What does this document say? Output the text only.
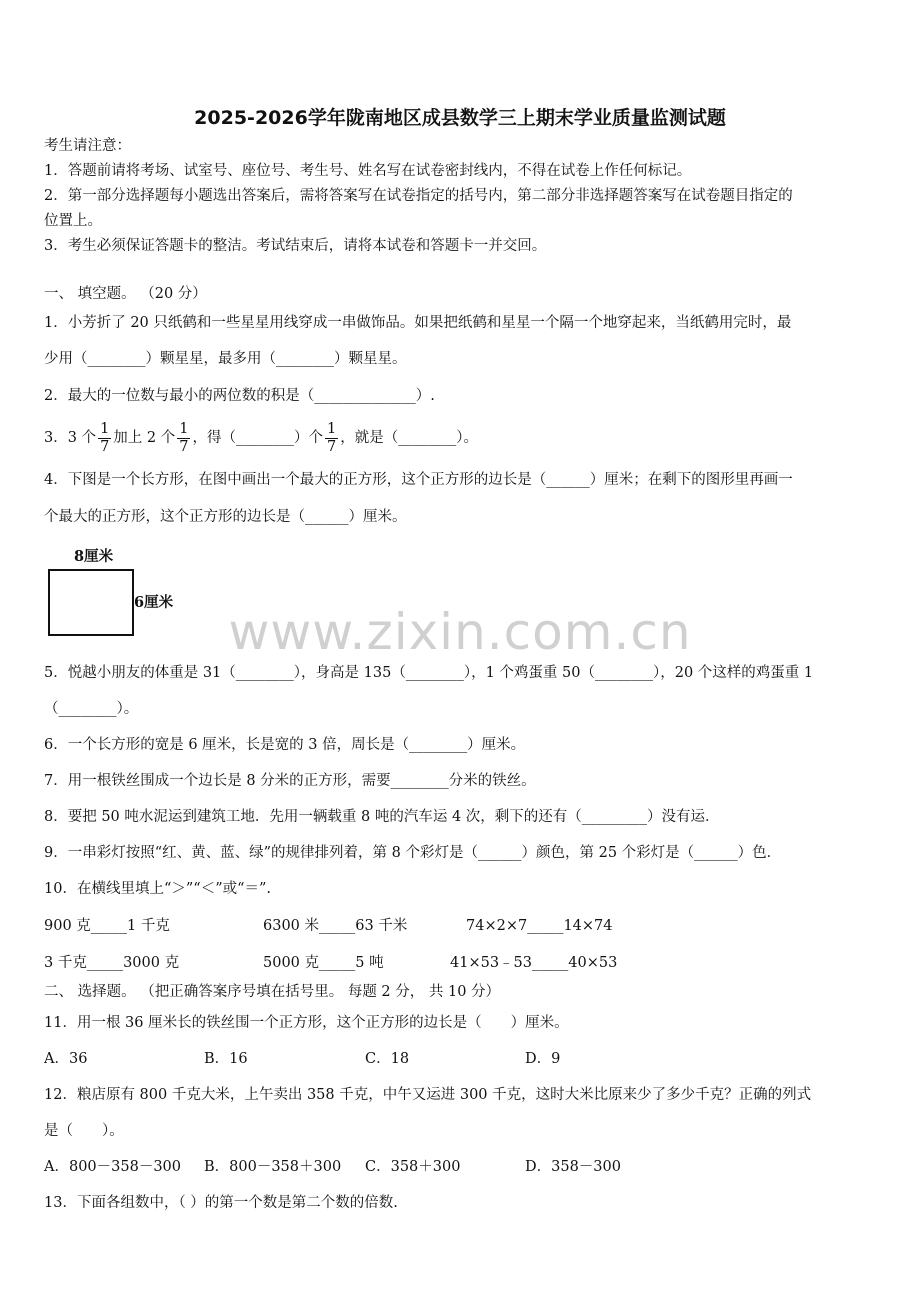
www.zixin.com.cn
2025-2026学年陇南地区成县数学三上期末学业质量监测试题
考生请注意：
1．答题前请将考场、试室号、座位号、考生号、姓名写在试卷密封线内，不得在试卷上作任何标记。
2．第一部分选择题每小题选出答案后，需将答案写在试卷指定的括号内，第二部分非选择题答案写在试卷题目指定的
位置上。
3．考生必须保证答题卡的整洁。考试结束后，请将本试卷和答题卡一并交回。
一、 填空题。 （20 分）
1．小芳折了 20 只纸鹤和一些星星用线穿成一串做饰品。如果把纸鹤和星星一个隔一个地穿起来，当纸鹤用完时，最
少用（________）颗星星，最多用（________）颗星星。
2．最大的一位数与最小的两位数的积是（______________）.
3．3 个 $\frac{1}{7}$ 加上 2 个 $\frac{1}{7}$ ，得（________）个 $\frac{1}{7}$ ，就是（________）。
4．下图是一个长方形，在图中画出一个最大的正方形，这个正方形的边长是（______）厘米；在剩下的图形里再画一
个最大的正方形，这个正方形的边长是（______）厘米。
8厘米
6厘米
5．悦越小朋友的体重是 31（________），身高是 135（________），1 个鸡蛋重 50（________），20 个这样的鸡蛋重 1
（________）。
6．一个长方形的宽是 6 厘米，长是宽的 3 倍，周长是（________）厘米。
7．用一根铁丝围成一个边长是 8 分米的正方形，需要________分米的铁丝。
8．要把 50 吨水泥运到建筑工地．先用一辆载重 8 吨的汽车运 4 次，剩下的还有（_________）没有运．
9．一串彩灯按照“红、黄、蓝、绿”的规律排列着，第 8 个彩灯是（______）颜色，第 25 个彩灯是（______）色．
10．在横线里填上“＞”“＜”或“＝”.
900 克_____1 千克	6300 米_____63 千米	74×2×7_____14×74
3 千克_____3000 克	5000 克_____5 吨	41×53﹣53_____40×53
二、 选择题。 （把正确答案序号填在括号里。 每题 2 分， 共 10 分）
11．用一根 36 厘米长的铁丝围一个正方形，这个正方形的边长是（　　）厘米。
A．36	B．16	C．18	D．9
12．粮店原有 800 千克大米，上午卖出 358 千克，中午又运进 300 千克，这时大米比原来少了多少千克？正确的列式
是（　　）。
A．800－358－300 B．800－358＋300 C．358＋300	D．358－300
13．下面各组数中，（ ）的第一个数是第二个数的倍数.
